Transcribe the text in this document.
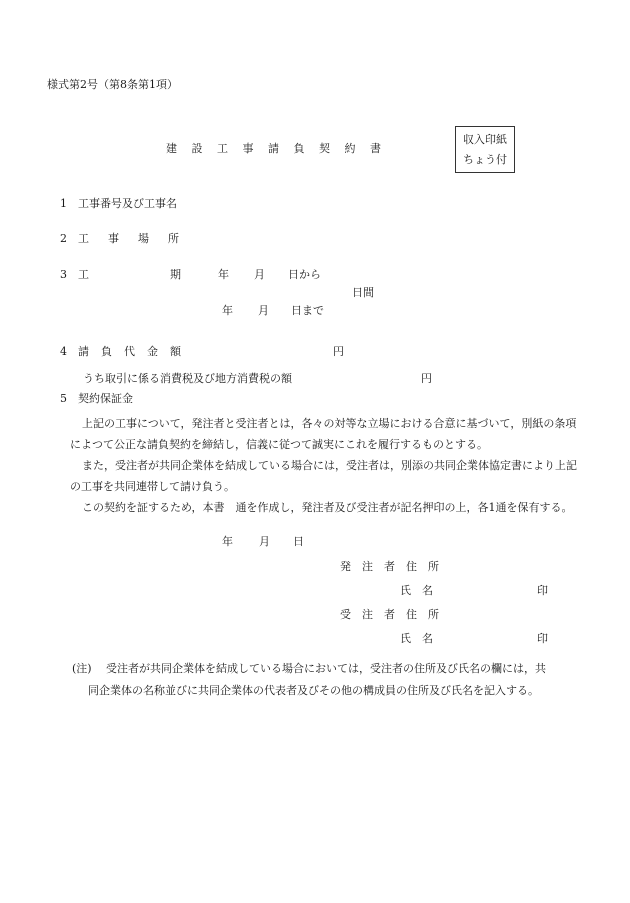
様式第2号（第8条第1項）
収入印紙
ちょう付
建 設 工 事 請 負 契 約 書
1 工事番号及び工事名
2 工 事 場 所
3 工	期	年 月 日から
日間
年 月 日まで
4 請 負 代 金 額	円
うち取引に係る消費税及び地方消費税の額	円
5 契約保証金
上記の工事について，発注者と受注者とは，各々の対等な立場における合意に基づいて，別紙の条項によつて公正な請負契約を締結し，信義に従つて誠実にこれを履行するものとする。
また，受注者が共同企業体を結成している場合には，受注者は，別添の共同企業体協定書により上記の工事を共同連帯して請け負う。
この契約を証するため，本書　通を作成し，発注者及び受注者が記名押印の上，各1通を保有する。
年 月 日
発　注　者　住　所
氏　名	印
受　注　者　住　所
氏　名	印
(注) 受注者が共同企業体を結成している場合においては，受注者の住所及び氏名の欄には，共
同企業体の名称並びに共同企業体の代表者及びその他の構成員の住所及び氏名を記入する。
